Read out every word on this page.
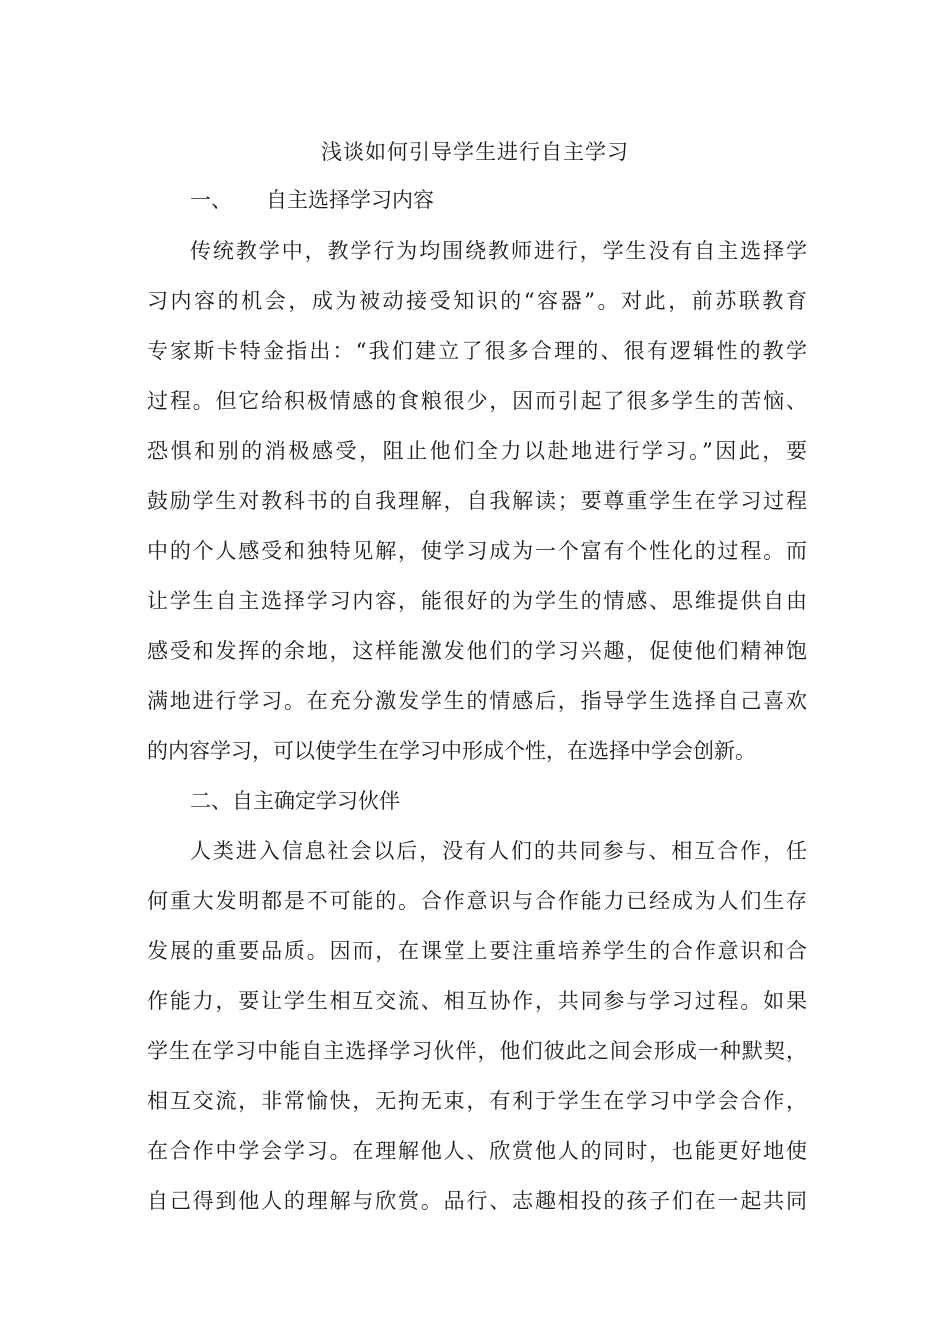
浅谈如何引导学生进行自主学习
一、 自主选择学习内容
传统教学中，教学行为均围绕教师进行，学生没有自主选择学
习内容的机会，成为被动接受知识的“容器”。对此，前苏联教育
专家斯卡特金指出：“我们建立了很多合理的、很有逻辑性的教学
过程。但它给积极情感的食粮很少，因而引起了很多学生的苦恼、
恐惧和别的消极感受，阻止他们全力以赴地进行学习。”因此，要
鼓励学生对教科书的自我理解，自我解读；要尊重学生在学习过程
中的个人感受和独特见解，使学习成为一个富有个性化的过程。而
让学生自主选择学习内容，能很好的为学生的情感、思维提供自由
感受和发挥的余地，这样能激发他们的学习兴趣，促使他们精神饱
满地进行学习。在充分激发学生的情感后，指导学生选择自己喜欢
的内容学习，可以使学生在学习中形成个性，在选择中学会创新。
二、自主确定学习伙伴
人类进入信息社会以后，没有人们的共同参与、相互合作，任
何重大发明都是不可能的。合作意识与合作能力已经成为人们生存
发展的重要品质。因而，在课堂上要注重培养学生的合作意识和合
作能力，要让学生相互交流、相互协作，共同参与学习过程。如果
学生在学习中能自主选择学习伙伴，他们彼此之间会形成一种默契，
相互交流，非常愉快，无拘无束，有利于学生在学习中学会合作，
在合作中学会学习。在理解他人、欣赏他人的同时，也能更好地使
自己得到他人的理解与欣赏。品行、志趣相投的孩子们在一起共同
